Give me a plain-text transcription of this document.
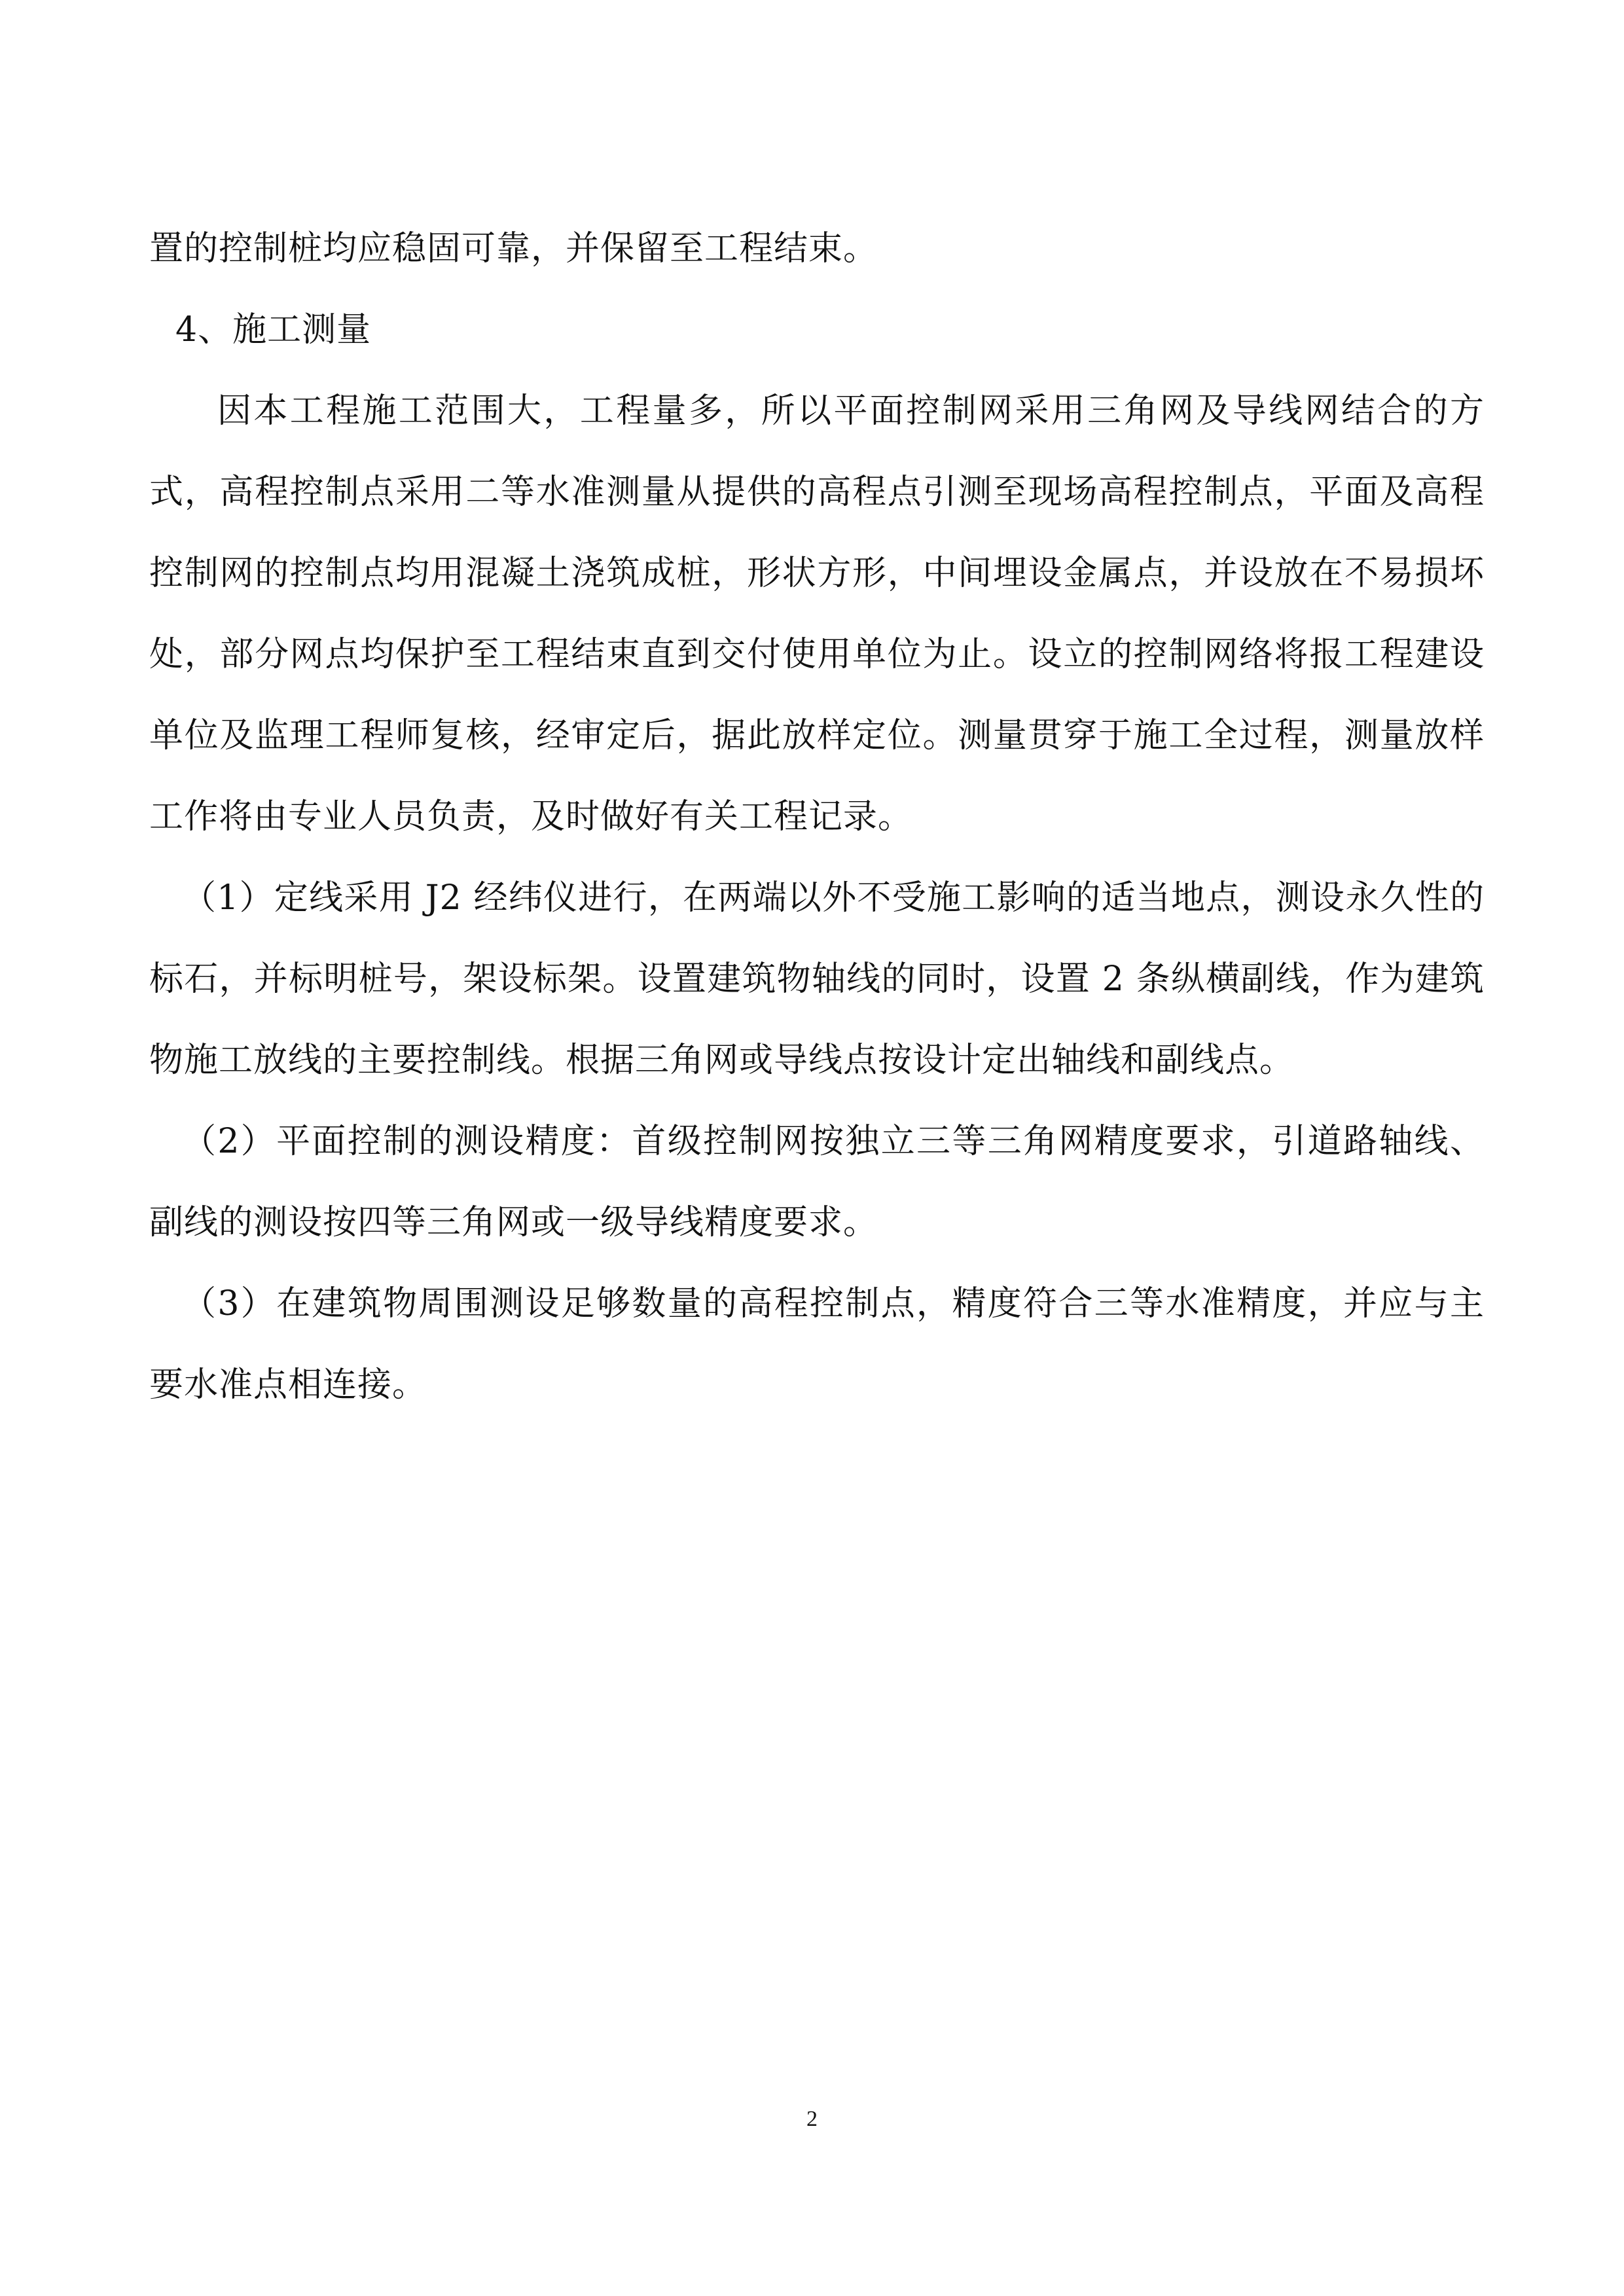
置的控制桩均应稳固可靠，并保留至工程结束。

4、施工测量

因本工程施工范围大，工程量多，所以平面控制网采用三角网及导线网结合的方式，高程控制点采用二等水准测量从提供的高程点引测至现场高程控制点，平面及高程控制网的控制点均用混凝土浇筑成桩，形状方形，中间埋设金属点，并设放在不易损坏处，部分网点均保护至工程结束直到交付使用单位为止。设立的控制网络将报工程建设单位及监理工程师复核，经审定后，据此放样定位。测量贯穿于施工全过程，测量放样工作将由专业人员负责，及时做好有关工程记录。

（1）定线采用 J2 经纬仪进行，在两端以外不受施工影响的适当地点，测设永久性的标石，并标明桩号，架设标架。设置建筑物轴线的同时，设置 2 条纵横副线，作为建筑物施工放线的主要控制线。根据三角网或导线点按设计定出轴线和副线点。

（2）平面控制的测设精度：首级控制网按独立三等三角网精度要求，引道路轴线、副线的测设按四等三角网或一级导线精度要求。

（3）在建筑物周围测设足够数量的高程控制点，精度符合三等水准精度，并应与主要水准点相连接。

2
